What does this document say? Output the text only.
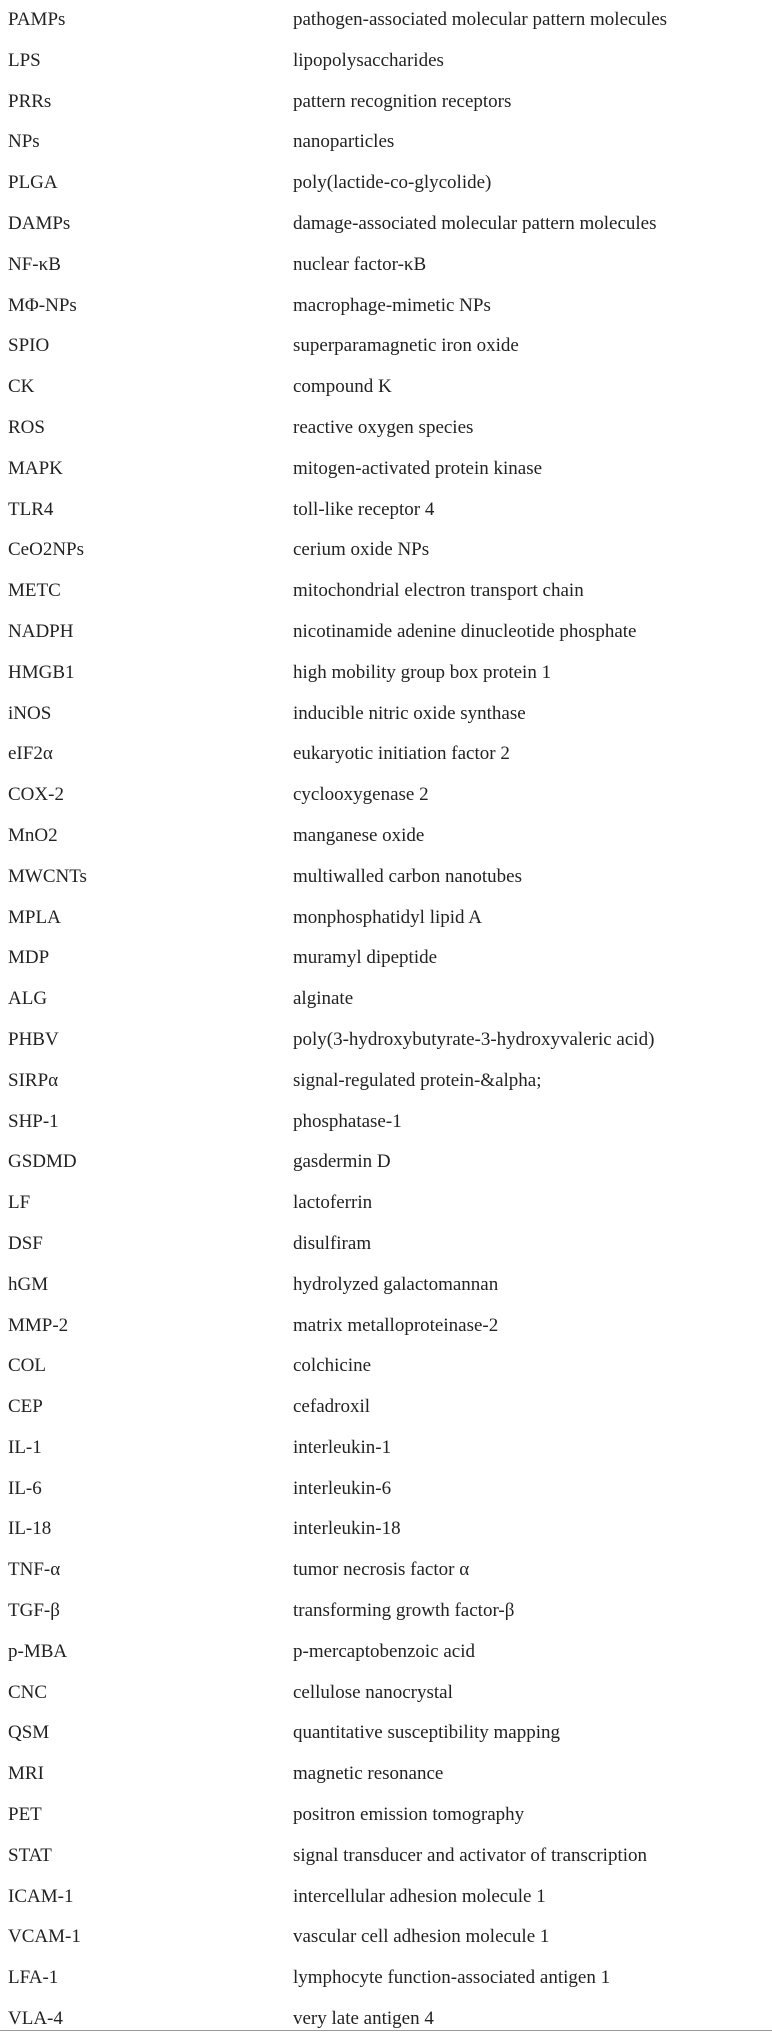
PAMPs	pathogen-associated molecular pattern molecules
LPS	lipopolysaccharides
PRRs	pattern recognition receptors
NPs	nanoparticles
PLGA	poly(lactide-co-glycolide)
DAMPs	damage-associated molecular pattern molecules
NF-κB	nuclear factor-κB
MΦ-NPs	macrophage-mimetic NPs
SPIO	superparamagnetic iron oxide
CK	compound K
ROS	reactive oxygen species
MAPK	mitogen-activated protein kinase
TLR4	toll-like receptor 4
CeO2NPs	cerium oxide NPs
METC	mitochondrial electron transport chain
NADPH	nicotinamide adenine dinucleotide phosphate
HMGB1	high mobility group box protein 1
iNOS	inducible nitric oxide synthase
eIF2α	eukaryotic initiation factor 2
COX-2	cyclooxygenase 2
MnO2	manganese oxide
MWCNTs	multiwalled carbon nanotubes
MPLA	monphosphatidyl lipid A
MDP	muramyl dipeptide
ALG	alginate
PHBV	poly(3-hydroxybutyrate-3-hydroxyvaleric acid)
SIRPα	signal-regulated protein-&alpha;
SHP-1	phosphatase-1
GSDMD	gasdermin D
LF	lactoferrin
DSF	disulfiram
hGM	hydrolyzed galactomannan
MMP-2	matrix metalloproteinase-2
COL	colchicine
CEP	cefadroxil
IL-1	interleukin-1
IL-6	interleukin-6
IL-18	interleukin-18
TNF-α	tumor necrosis factor α
TGF-β	transforming growth factor-β
p-MBA	p-mercaptobenzoic acid
CNC	cellulose nanocrystal
QSM	quantitative susceptibility mapping
MRI	magnetic resonance
PET	positron emission tomography
STAT	signal transducer and activator of transcription
ICAM-1	intercellular adhesion molecule 1
VCAM-1	vascular cell adhesion molecule 1
LFA-1	lymphocyte function-associated antigen 1
VLA-4	very late antigen 4
